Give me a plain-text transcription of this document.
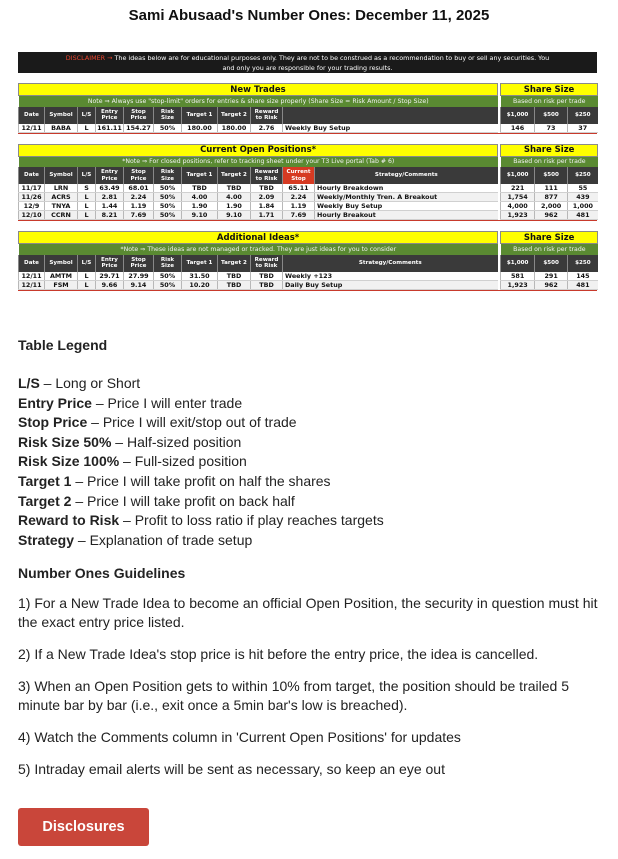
Sami Abusaad's Number Ones: December 11, 2025
DISCLAIMER → The ideas below are for educational purposes only. They are not to be construed as a recommendation to buy or sell any securities. You
and only you are responsible for your trading results.
New Trades											Share Size		
Note ⇒ Always use "stop-limit" orders for entries & share size properly (Share Size = Risk Amount / Stop Size)											Based on risk per trade		
Date	Symbol	L/S	Entry Price	Stop Price	Risk Size	Target 1	Target 2	Reward to Risk			$1,000	$500	$250
12/11	BABA	L	161.11	154.27	50%	180.00	180.00	2.76	Weekly Buy Setup		146	73	37
Current Open Positions*												Share Size		
*Note ⇒ For closed positions, refer to tracking sheet under your T3 Live portal (Tab # 6)												Based on risk per trade		
Date	Symbol	L/S	Entry Price	Stop Price	Risk Size	Target 1	Target 2	Reward to Risk	Current Stop	Strategy/Comments		$1,000	$500	$250
11/17	LRN	S	63.49	68.01	50%	TBD	TBD	TBD	65.11	Hourly Breakdown		221	111	55
11/26	ACRS	L	2.81	2.24	50%	4.00	4.00	2.09	2.24	Weekly/Monthly Tren. A Breakout		1,754	877	439
12/9	TNYA	L	1.44	1.19	50%	1.90	1.90	1.84	1.19	Weekly Buy Setup		4,000	2,000	1,000
12/10	CCRN	L	8.21	7.69	50%	9.10	9.10	1.71	7.69	Hourly Breakout		1,923	962	481
Additional Ideas*											Share Size		
*Note ⇒ These ideas are not managed or tracked. They are just ideas for you to consider											Based on risk per trade		
Date	Symbol	L/S	Entry Price	Stop Price	Risk Size	Target 1	Target 2	Reward to Risk	Strategy/Comments		$1,000	$500	$250
12/11	AMTM	L	29.71	27.99	50%	31.50	TBD	TBD	Weekly +123		581	291	145
12/11	FSM	L	9.66	9.14	50%	10.20	TBD	TBD	Daily Buy Setup		1,923	962	481
Table Legend
L/S – Long or Short
Entry Price – Price I will enter trade
Stop Price – Price I will exit/stop out of trade
Risk Size 50% – Half-sized position
Risk Size 100% – Full-sized position
Target 1 – Price I will take profit on half the shares
Target 2 – Price I will take profit on back half
Reward to Risk – Profit to loss ratio if play reaches targets
Strategy – Explanation of trade setup
Number Ones Guidelines
1) For a New Trade Idea to become an official Open Position, the security in question must hit the exact entry price listed.
2) If a New Trade Idea's stop price is hit before the entry price, the idea is cancelled.
3) When an Open Position gets to within 10% from target, the position should be trailed 5 minute bar by bar (i.e., exit once a 5min bar's low is breached).
4) Watch the Comments column in 'Current Open Positions' for updates
5) Intraday email alerts will be sent as necessary, so keep an eye out
Disclosures
